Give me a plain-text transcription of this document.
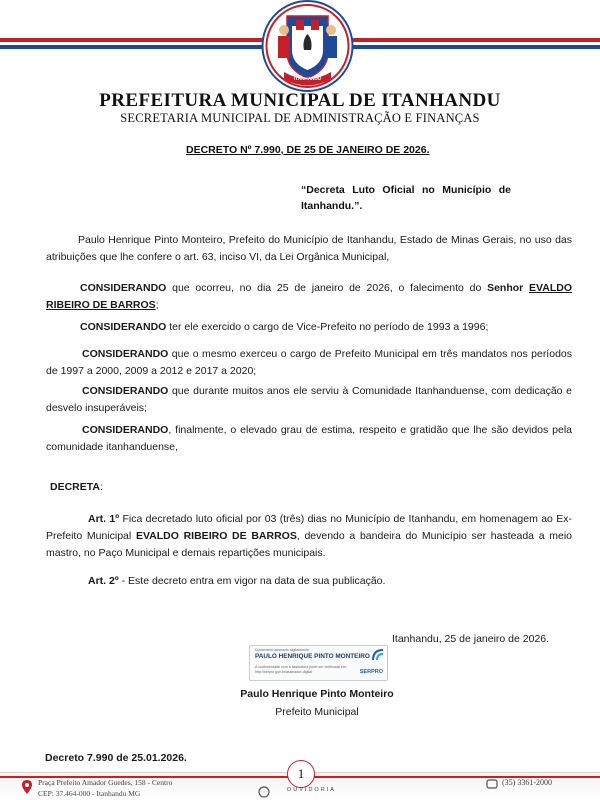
ITANHANDU
PREFEITURA MUNICIPAL DE ITANHANDU
SECRETARIA MUNICIPAL DE ADMINISTRAÇÃO E FINANÇAS
DECRETO Nº 7.990, DE 25 DE JANEIRO DE 2026.
“Decreta Luto Oficial no Município de Itanhandu.”.
Paulo Henrique Pinto Monteiro, Prefeito do Município de Itanhandu, Estado de Minas Gerais, no uso das atribuições que lhe confere o art. 63, inciso VI, da Lei Orgânica Municipal,
CONSIDERANDO que ocorreu, no dia 25 de janeiro de 2026, o falecimento do Senhor EVALDO RIBEIRO DE BARROS;
CONSIDERANDO ter ele exercido o cargo de Vice-Prefeito no período de 1993 a 1996;
CONSIDERANDO que o mesmo exerceu o cargo de Prefeito Municipal em três mandatos nos períodos de 1997 a 2000, 2009 a 2012 e 2017 a 2020;
CONSIDERANDO que durante muitos anos ele serviu à Comunidade Itanhanduense, com dedicação e desvelo insuperáveis;
CONSIDERANDO, finalmente, o elevado grau de estima, respeito e gratidão que lhe são devidos pela comunidade itanhanduense,
DECRETA:
Art. 1º Fica decretado luto oficial por 03 (três) dias no Município de Itanhandu, em homenagem ao Ex-Prefeito Municipal EVALDO RIBEIRO DE BARROS, devendo a bandeira do Município ser hasteada a meio mastro, no Paço Municipal e demais repartições municipais.
Art. 2º - Este decreto entra em vigor na data de sua publicação.
Itanhandu, 25 de janeiro de 2026.
Documento assinado digitalmente
PAULO HENRIQUE PINTO MONTEIRO
A conformidade com a assinatura pode ser verificada em:
http://serpro.gov.br/assinador-digital	SERPRO
Paulo Henrique Pinto Monteiro
Prefeito Municipal
Decreto 7.990 de 25.01.2026.
1
Praça Prefeito Amador Guedes, 158 - Centro
CEP: 37.464-000 - Itanhandu MG	OUVIDORIA
(35) 3361-2000
